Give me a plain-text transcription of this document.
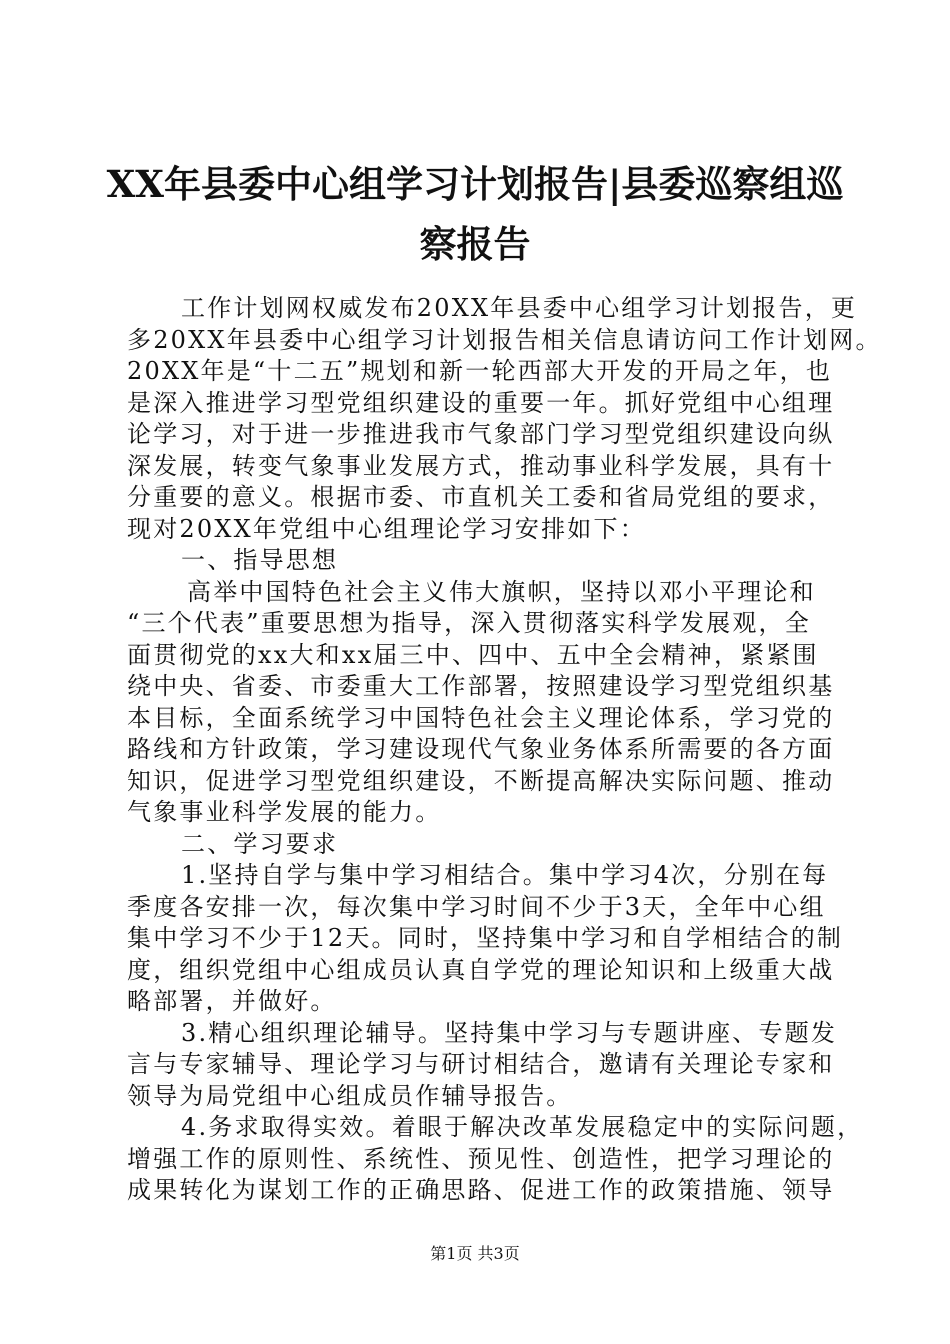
XX年县委中心组学习计划报告|县委巡察组巡
察报告
工作计划网权威发布20XX年县委中心组学习计划报告，更
多20XX年县委中心组学习计划报告相关信息请访问工作计划网。
20XX年是“十二五”规划和新一轮西部大开发的开局之年，也
是深入推进学习型党组织建设的重要一年。抓好党组中心组理
论学习，对于进一步推进我市气象部门学习型党组织建设向纵
深发展，转变气象事业发展方式，推动事业科学发展，具有十
分重要的意义。根据市委、市直机关工委和省局党组的要求，
现对20XX年党组中心组理论学习安排如下：
一、指导思想
高举中国特色社会主义伟大旗帜，坚持以邓小平理论和
“三个代表”重要思想为指导，深入贯彻落实科学发展观，全
面贯彻党的xx大和xx届三中、四中、五中全会精神，紧紧围
绕中央、省委、市委重大工作部署，按照建设学习型党组织基
本目标，全面系统学习中国特色社会主义理论体系，学习党的
路线和方针政策，学习建设现代气象业务体系所需要的各方面
知识，促进学习型党组织建设，不断提高解决实际问题、推动
气象事业科学发展的能力。
二、学习要求
1.坚持自学与集中学习相结合。集中学习4次，分别在每
季度各安排一次，每次集中学习时间不少于3天，全年中心组
集中学习不少于12天。同时，坚持集中学习和自学相结合的制
度，组织党组中心组成员认真自学党的理论知识和上级重大战
略部署，并做好。
3.精心组织理论辅导。坚持集中学习与专题讲座、专题发
言与专家辅导、理论学习与研讨相结合，邀请有关理论专家和
领导为局党组中心组成员作辅导报告。
4.务求取得实效。着眼于解决改革发展稳定中的实际问题，
增强工作的原则性、系统性、预见性、创造性，把学习理论的
成果转化为谋划工作的正确思路、促进工作的政策措施、领导
第1页 共3页
